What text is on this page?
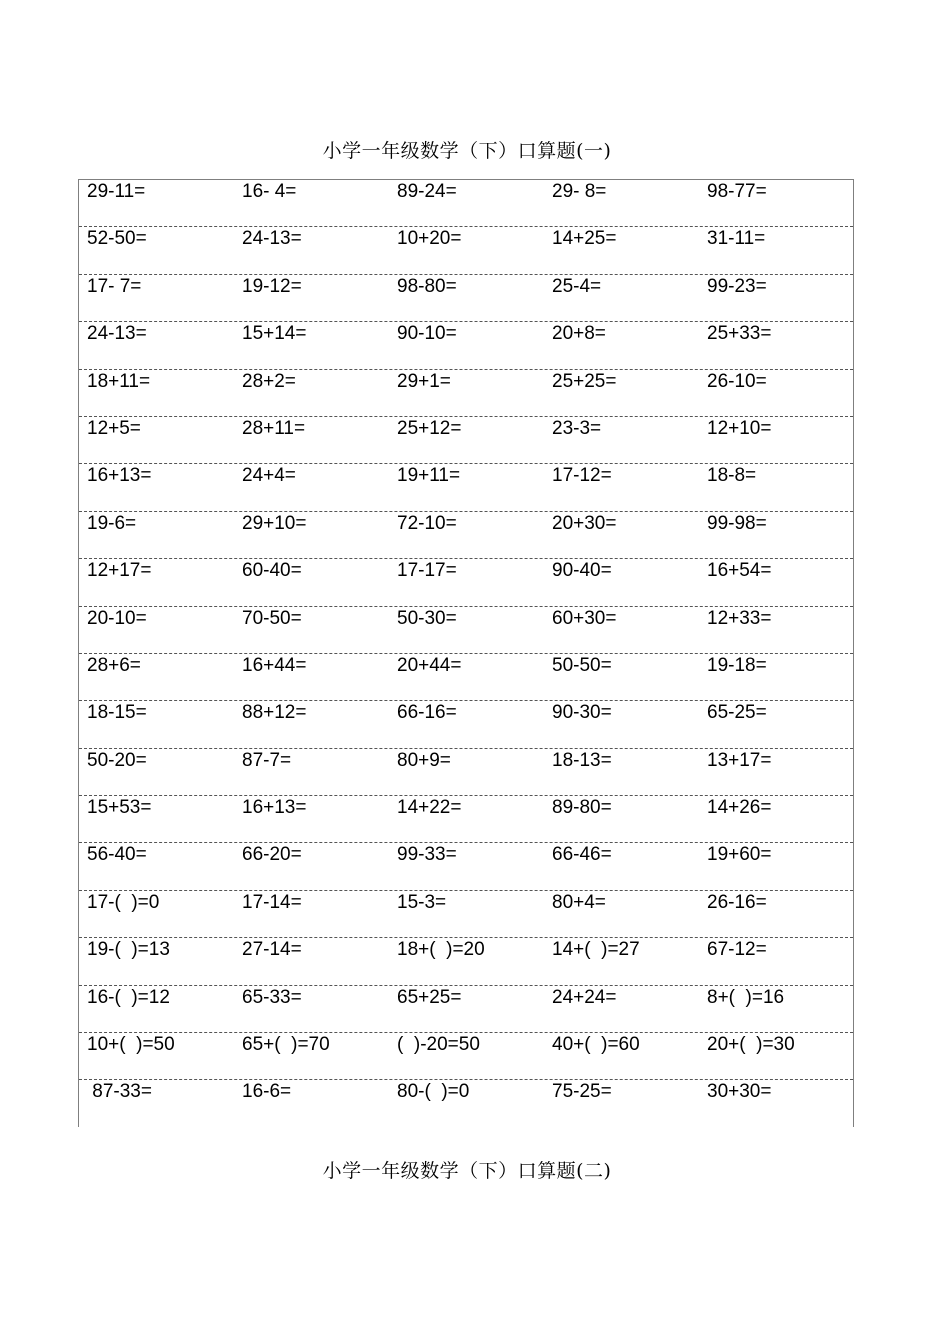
小学一年级数学（下）口算题(一)
29-11=	16- 4=	89-24=	29- 8=	98-77=
52-50=	24-13=	10+20=	14+25=	31-11=
17- 7=	19-12=	98-80=	25-4=	99-23=
24-13=	15+14=	90-10=	20+8=	25+33=
18+11=	28+2=	29+1=	25+25=	26-10=
12+5=	28+11=	25+12=	23-3=	12+10=
16+13=	24+4=	19+11=	17-12=	18-8=
19-6=	29+10=	72-10=	20+30=	99-98=
12+17=	60-40=	17-17=	90-40=	16+54=
20-10=	70-50=	50-30=	60+30=	12+33=
28+6=	16+44=	20+44=	50-50=	19-18=
18-15=	88+12=	66-16=	90-30=	65-25=
50-20=	87-7=	80+9=	18-13=	13+17=
15+53=	16+13=	14+22=	89-80=	14+26=
56-40=	66-20=	99-33=	66-46=	19+60=
17-(  )=0	17-14=	15-3=	80+4=	26-16=
19-(  )=13	27-14=	18+(  )=20	14+(  )=27	67-12=
16-(  )=12	65-33=	65+25=	24+24=	8+(  )=16
10+(  )=50	65+(  )=70	(  )-20=50	40+(  )=60	20+(  )=30
87-33=	16-6=	80-(  )=0	75-25=	30+30=
小学一年级数学（下）口算题(二)
